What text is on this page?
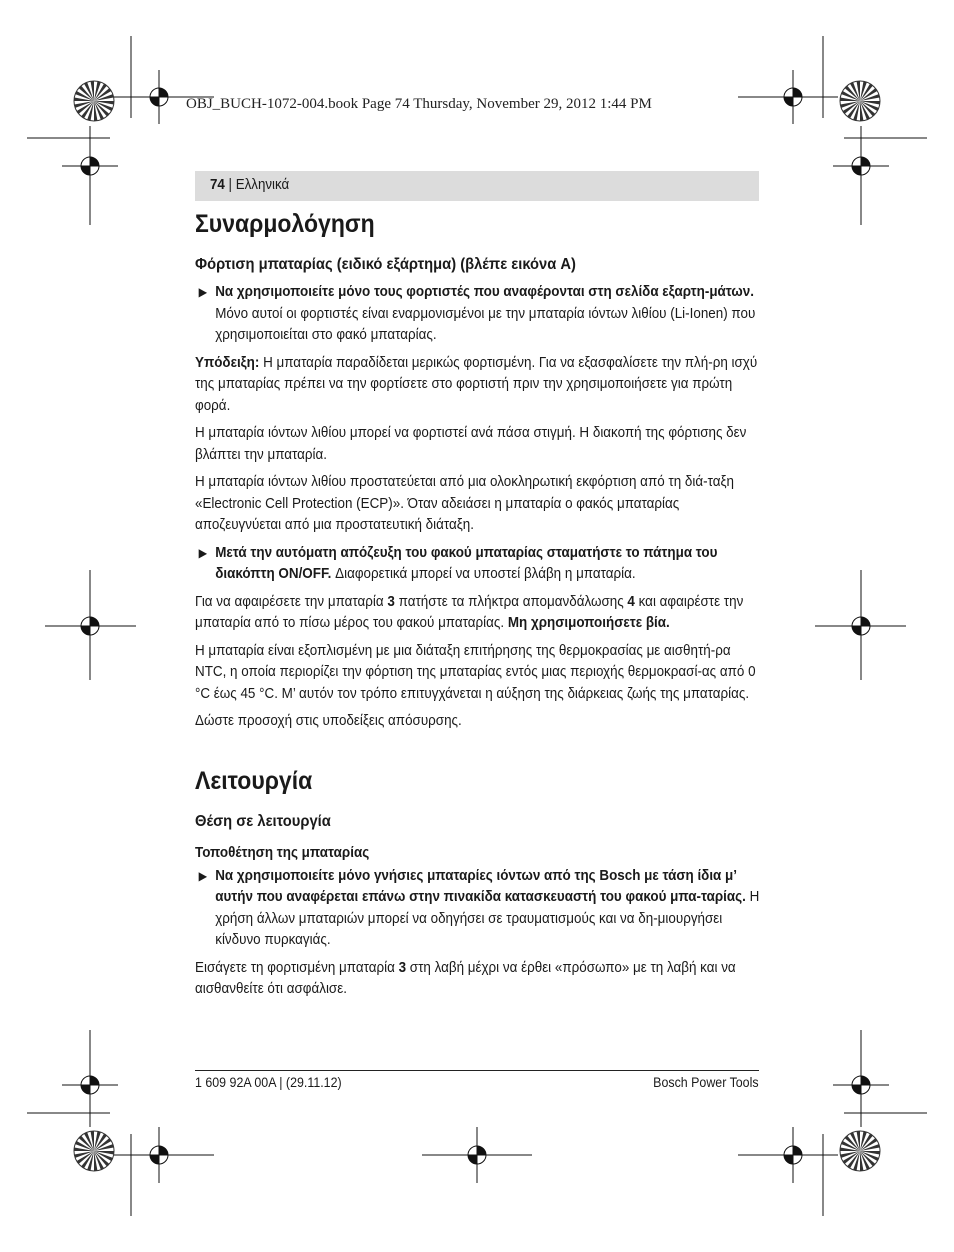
OBJ_BUCH-1072-004.book Page 74 Thursday, November 29, 2012 1:44 PM
74 | Ελληνικά
Συναρμολόγηση
Φόρτιση μπαταρίας (ειδικό εξάρτημα) (βλέπε εικόνα A)

▶ Να χρησιμοποιείτε μόνο τους φορτιστές που αναφέρονται στη σελίδα εξαρτη-μάτων. Μόνο αυτοί οι φορτιστές είναι εναρμονισμένοι με την μπαταρία ιόντων λιθίου (Li-Ionen) που χρησιμοποιείται στο φακό μπαταρίας.

Υπόδειξη: Η μπαταρία παραδίδεται μερικώς φορτισμένη. Για να εξασφαλίσετε την πλή-ρη ισχύ της μπαταρίας πρέπει να την φορτίσετε στο φορτιστή πριν την χρησιμοποιήσετε για πρώτη φορά.

Η μπαταρία ιόντων λιθίου μπορεί να φορτιστεί ανά πάσα στιγμή. Η διακοπή της φόρτισης δεν βλάπτει την μπαταρία.

Η μπαταρία ιόντων λιθίου προστατεύεται από μια ολοκληρωτική εκφόρτιση από τη διά-ταξη «Electronic Cell Protection (ECP)». Όταν αδειάσει η μπαταρία ο φακός μπαταρίας αποζευγνύεται από μια προστατευτική διάταξη.

▶ Μετά την αυτόματη απόζευξη του φακού μπαταρίας σταματήστε το πάτημα του διακόπτη ON/OFF. Διαφορετικά μπορεί να υποστεί βλάβη η μπαταρία.

Για να αφαιρέσετε την μπαταρία 3 πατήστε τα πλήκτρα απομανδάλωσης 4 και αφαιρέστε την μπαταρία από το πίσω μέρος του φακού μπαταρίας. Μη χρησιμοποιήσετε βία.

Η μπαταρία είναι εξοπλισμένη με μια διάταξη επιτήρησης της θερμοκρασίας με αισθητή-ρα NTC, η οποία περιορίζει την φόρτιση της μπαταρίας εντός μιας περιοχής θερμοκρασί-ας από 0 °C έως 45 °C. Μ’ αυτόν τον τρόπο επιτυγχάνεται η αύξηση της διάρκειας ζωής της μπαταρίας.

Δώστε προσοχή στις υποδείξεις απόσυρσης.

Λειτουργία
Θέση σε λειτουργία
Τοποθέτηση της μπαταρίας

▶ Να χρησιμοποιείτε μόνο γνήσιες μπαταρίες ιόντων από της Bosch με τάση ίδια μ’ αυτήν που αναφέρεται επάνω στην πινακίδα κατασκευαστή του φακού μπα-ταρίας. Η χρήση άλλων μπαταριών μπορεί να οδηγήσει σε τραυματισμούς και να δη-μιουργήσει κίνδυνο πυρκαγιάς.

Εισάγετε τη φορτισμένη μπαταρία 3 στη λαβή μέχρι να έρθει «πρόσωπο» με τη λαβή και να αισθανθείτε ότι ασφάλισε.

1 609 92A 00A | (29.11.12)	Bosch Power Tools
